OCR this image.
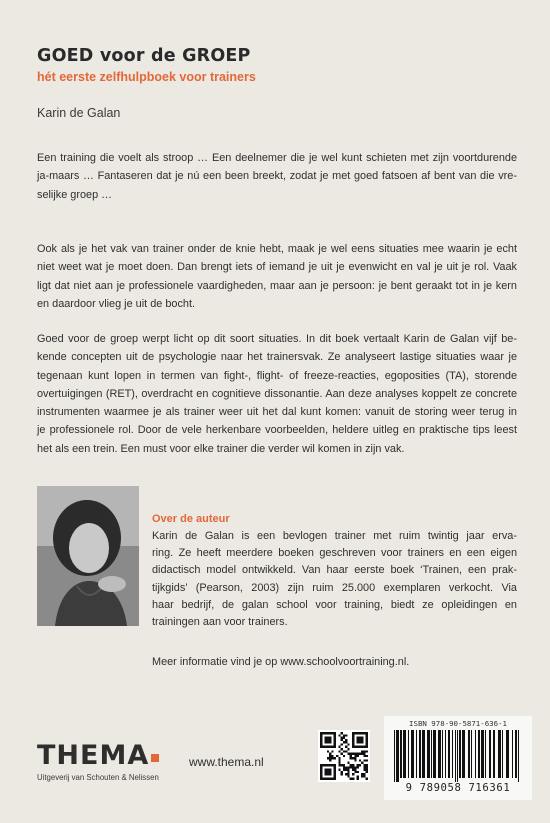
GOED voor de GROEP
hét eerste zelfhulpboek voor trainers
Karin de Galan

Een training die voelt als stroop … Een deelnemer die je wel kunt schieten met zijn voortdurende
ja-maars … Fantaseren dat je nú een been breekt, zodat je met goed fatsoen af bent van die vre-
selijke groep …

Ook als je het vak van trainer onder de knie hebt, maak je wel eens situaties mee waarin je echt
niet weet wat je moet doen. Dan brengt iets of iemand je uit je evenwicht en val je uit je rol. Vaak
ligt dat niet aan je professionele vaardigheden, maar aan je persoon: je bent geraakt tot in je kern
en daardoor vlieg je uit de bocht.

Goed voor de groep werpt licht op dit soort situaties. In dit boek vertaalt Karin de Galan vijf be-
kende concepten uit de psychologie naar het trainersvak. Ze analyseert lastige situaties waar je
tegenaan kunt lopen in termen van fight-, flight- of freeze-reacties, egoposities (TA), storende
overtuigingen (RET), overdracht en cognitieve dissonantie. Aan deze analyses koppelt ze concrete
instrumenten waarmee je als trainer weer uit het dal kunt komen: vanuit de storing weer terug in
je professionele rol. Door de vele herkenbare voorbeelden, heldere uitleg en praktische tips leest
het als een trein. Een must voor elke trainer die verder wil komen in zijn vak.

Over de auteur

Karin de Galan is een bevlogen trainer met ruim twintig jaar erva-
ring. Ze heeft meerdere boeken geschreven voor trainers en een eigen
didactisch model ontwikkeld. Van haar eerste boek ‘Trainen, een prak-
tijkgids’ (Pearson, 2003) zijn ruim 25.000 exemplaren verkocht. Via
haar bedrijf, de galan school voor training, biedt ze opleidingen en
trainingen aan voor trainers.

Meer informatie vind je op www.schoolvoortraining.nl.
THEMA
Uitgeverij van Schouten & Nelissen
www.thema.nl
ISBN 978-90-5871-636-1
9 789058 716361
